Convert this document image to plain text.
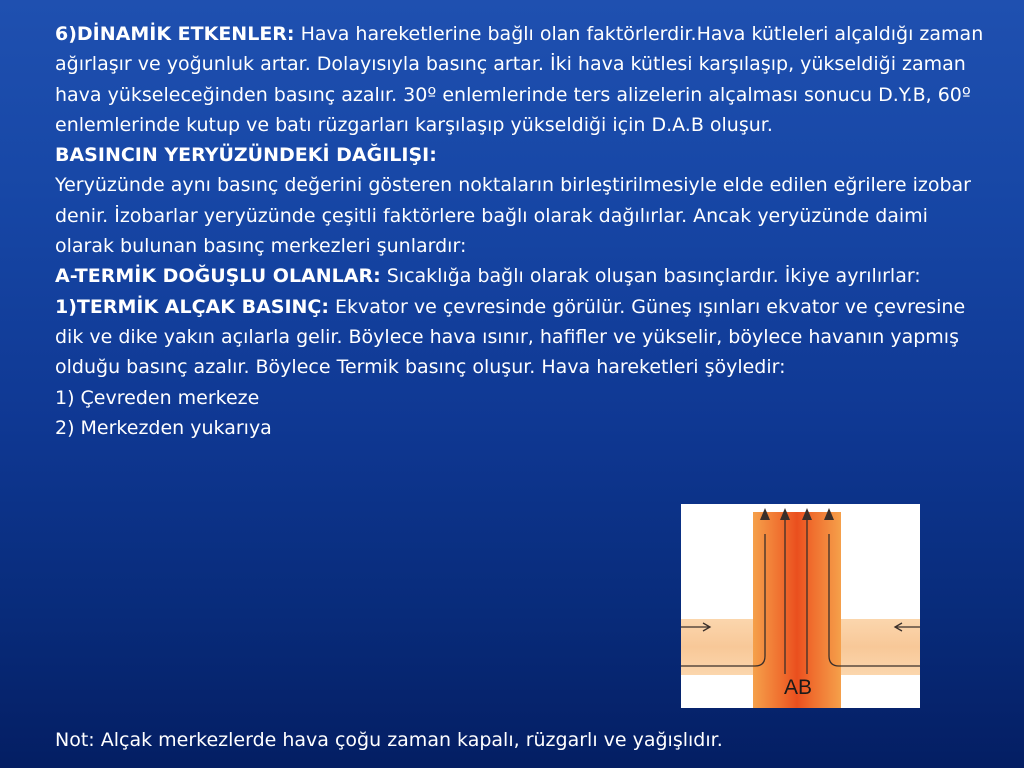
6)DİNAMİK ETKENLER: Hava hareketlerine bağlı olan faktörlerdir.Hava kütleleri alçaldığı zaman ağırlaşır ve yoğunluk artar. Dolayısıyla basınç artar. İki hava kütlesi karşılaşıp, yükseldiği zaman hava yükseleceğinden basınç azalır. 30º enlemlerinde ters alizelerin alçalması sonucu D.Y.B, 60º enlemlerinde kutup ve batı rüzgarları karşılaşıp yükseldiği için D.A.B oluşur.

BASINCIN YERYÜZÜNDEKİ DAĞILIŞI:

Yeryüzünde aynı basınç değerini gösteren noktaların birleştirilmesiyle elde edilen eğrilere izobar denir. İzobarlar yeryüzünde çeşitli faktörlere bağlı olarak dağılırlar. Ancak yeryüzünde daimi olarak bulunan basınç merkezleri şunlardır:

A-TERMİK DOĞUŞLU OLANLAR: Sıcaklığa bağlı olarak oluşan basınçlardır. İkiye ayrılırlar:

1)TERMİK ALÇAK BASINÇ: Ekvator ve çevresinde görülür. Güneş ışınları ekvator ve çevresine dik ve dike yakın açılarla gelir. Böylece hava ısınır, hafifler ve yükselir, böylece havanın yapmış olduğu basınç azalır. Böylece Termik basınç oluşur. Hava hareketleri şöyledir:

1) Çevreden merkeze

2) Merkezden yukarıya

AB

Not: Alçak merkezlerde hava çoğu zaman kapalı, rüzgarlı ve yağışlıdır.
